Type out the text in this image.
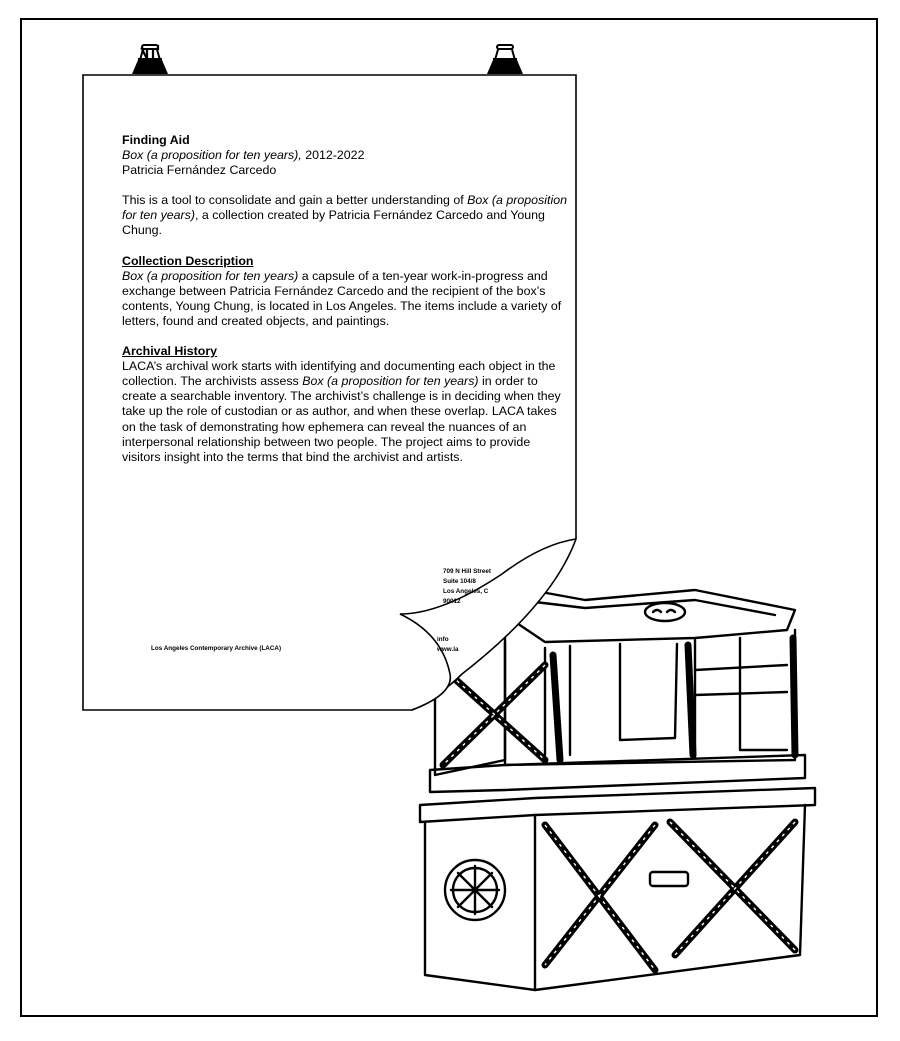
Finding Aid

Box (a proposition for ten years), 2012-2022

Patricia Fernández Carcedo

This is a tool to consolidate and gain a better understanding of Box (a proposition for ten years), a collection created by Patricia Fernández Carcedo and Young Chung.

Collection Description

Box (a proposition for ten years) a capsule of a ten-year work-in-progress and exchange between Patricia Fernández Carcedo and the recipient of the box’s contents, Young Chung, is located in Los Angeles. The items include a variety of letters, found and created objects, and paintings.

Archival History

LACA’s archival work starts with identifying and documenting each object in the collection. The archivists assess Box (a proposition for ten years) in order to create a searchable inventory. The archivist’s challenge is in deciding when they take up the role of custodian or as author, and when these overlap. LACA takes on the task of demonstrating how ephemera can reveal the nuances of an interpersonal relationship between two people. The project aims to provide visitors insight into the terms that bind the archivist and artists.

Los Angeles Contemporary Archive (LACA)
709 N Hill Street
Suite 104/8
Los Angeles, C
90012
info
www.la
